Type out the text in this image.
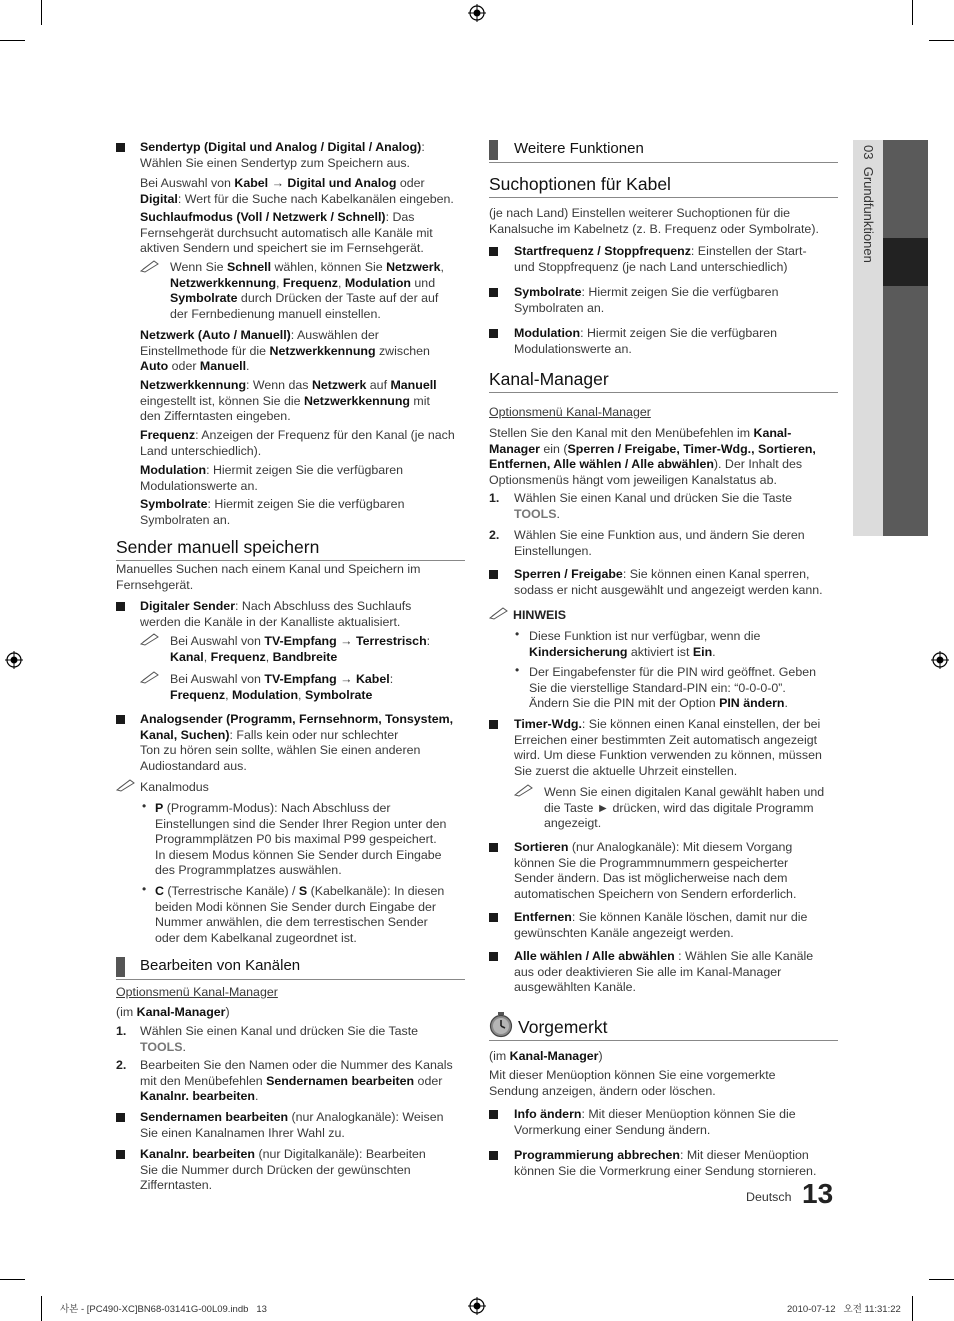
03  Grundfunktionen
Sendertyp (Digital und Analog / Digital / Analog):
Wählen Sie einen Sendertyp zum Speichern aus.
Bei Auswahl von Kabel → Digital und Analog oder
Digital: Wert für die Suche nach Kabelkanälen eingeben.
Suchlaufmodus (Voll / Netzwerk / Schnell): Das
Fernsehgerät durchsucht automatisch alle Kanäle mit
aktiven Sendern und speichert sie im Fernsehgerät.
Wenn Sie Schnell wählen, können Sie Netzwerk,
Netzwerkkennung, Frequenz, Modulation und
Symbolrate durch Drücken der Taste auf der auf
der Fernbedienung manuell einstellen.
Netzwerk (Auto / Manuell): Auswählen der
Einstellmethode für die Netzwerkkennung zwischen
Auto oder Manuell.
Netzwerkkennung: Wenn das Netzwerk auf Manuell
eingestellt ist, können Sie die Netzwerkkennung mit
den Zifferntasten eingeben.
Frequenz: Anzeigen der Frequenz für den Kanal (je nach
Land unterschiedlich).
Modulation: Hiermit zeigen Sie die verfügbaren
Modulationswerte an.
Symbolrate: Hiermit zeigen Sie die verfügbaren
Symbolraten an.
Sender manuell speichern
Manuelles Suchen nach einem Kanal und Speichern im
Fernsehgerät.
Digitaler Sender: Nach Abschluss des Suchlaufs
werden die Kanäle in der Kanalliste aktualisiert.
Bei Auswahl von TV-Empfang → Terrestrisch:
Kanal, Frequenz, Bandbreite
Bei Auswahl von TV-Empfang → Kabel:
Frequenz, Modulation, Symbolrate
Analogsender (Programm, Fernsehnorm, Tonsystem,
Kanal, Suchen): Falls kein oder nur schlechter
Ton zu hören sein sollte, wählen Sie einen anderen
Audiostandard aus.
Kanalmodus
• P (Programm-Modus): Nach Abschluss der
Einstellungen sind die Sender Ihrer Region unter den
Programmplätzen P0 bis maximal P99 gespeichert.
In diesem Modus können Sie Sender durch Eingabe
des Programmplatzes auswählen.
• C (Terrestrische Kanäle) / S (Kabelkanäle): In diesen
beiden Modi können Sie Sender durch Eingabe der
Nummer anwählen, die dem terrestischen Sender
oder dem Kabelkanal zugeordnet ist.
Bearbeiten von Kanälen
Optionsmenü Kanal-Manager
(im Kanal-Manager)
1. Wählen Sie einen Kanal und drücken Sie die Taste
TOOLS.
2. Bearbeiten Sie den Namen oder die Nummer des Kanals
mit den Menübefehlen Sendernamen bearbeiten oder
Kanalnr. bearbeiten.
Sendernamen bearbeiten (nur Analogkanäle): Weisen
Sie einen Kanalnamen Ihrer Wahl zu.
Kanalnr. bearbeiten (nur Digitalkanäle): Bearbeiten
Sie die Nummer durch Drücken der gewünschten
Zifferntasten.
Weitere Funktionen
Suchoptionen für Kabel
(je nach Land) Einstellen weiterer Suchoptionen für die
Kanalsuche im Kabelnetz (z. B. Frequenz oder Symbolrate).
Startfrequenz / Stoppfrequenz: Einstellen der Start-
und Stoppfrequenz (je nach Land unterschiedlich)
Symbolrate: Hiermit zeigen Sie die verfügbaren
Symbolraten an.
Modulation: Hiermit zeigen Sie die verfügbaren
Modulationswerte an.
Kanal-Manager
Optionsmenü Kanal-Manager
Stellen Sie den Kanal mit den Menübefehlen im Kanal-
Manager ein (Sperren / Freigabe, Timer-Wdg., Sortieren,
Entfernen, Alle wählen / Alle abwählen). Der Inhalt des
Optionsmenüs hängt vom jeweiligen Kanalstatus ab.
1. Wählen Sie einen Kanal und drücken Sie die Taste
TOOLS.
2. Wählen Sie eine Funktion aus, und ändern Sie deren
Einstellungen.
Sperren / Freigabe: Sie können einen Kanal sperren,
sodass er nicht ausgewählt und angezeigt werden kann.
HINWEIS
• Diese Funktion ist nur verfügbar, wenn die
Kindersicherung aktiviert ist Ein.
• Der Eingabefenster für die PIN wird geöffnet. Geben
Sie die vierstellige Standard-PIN ein: “0-0-0-0”.
Ändern Sie die PIN mit der Option PIN ändern.
Timer-Wdg.: Sie können einen Kanal einstellen, der bei
Erreichen einer bestimmten Zeit automatisch angezeigt
wird. Um diese Funktion verwenden zu können, müssen
Sie zuerst die aktuelle Uhrzeit einstellen.
Wenn Sie einen digitalen Kanal gewählt haben und
die Taste ► drücken, wird das digitale Programm
angezeigt.
Sortieren (nur Analogkanäle): Mit diesem Vorgang
können Sie die Programmnummern gespeicherter
Sender ändern. Das ist möglicherweise nach dem
automatischen Speichern von Sendern erforderlich.
Entfernen: Sie können Kanäle löschen, damit nur die
gewünschten Kanäle angezeigt werden.
Alle wählen / Alle abwählen : Wählen Sie alle Kanäle
aus oder deaktivieren Sie alle im Kanal-Manager
ausgewählten Kanäle.
Vorgemerkt
(im Kanal-Manager)
Mit dieser Menüoption können Sie eine vorgemerkte
Sendung anzeigen, ändern oder löschen.
Info ändern: Mit dieser Menüoption können Sie die
Vormerkung einer Sendung ändern.
Programmierung abbrechen: Mit dieser Menüoption
können Sie die Vormerkrung einer Sendung stornieren.
Deutsch 13
사본 - [PC490-XC]BN68-03141G-00L09.indb   13	2010-07-12   오전 11:31:22
